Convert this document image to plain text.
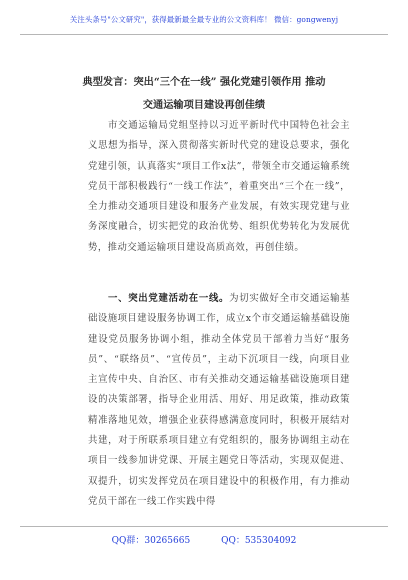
关注头条号"公文研究"，获得最新最全最专业的公文资料库！ 微信：gongwenyj
典型发言：突出“三个在一线” 强化党建引领作用 推动
交通运输项目建设再创佳绩
市交通运输局党组坚持以习近平新时代中国特色社会主义思想为指导，深入贯彻落实新时代党的建设总要求，强化党建引领，认真落实“项目工作x法”，带领全市交通运输系统党员干部积极践行“一线工作法”，着重突出“三个在一线”，全力推动交通项目建设和服务产业发展，有效实现党建与业务深度融合，切实把党的政治优势、组织优势转化为发展优势，推动交通运输项目建设高质高效，再创佳绩。
一、突出党建活动在一线。为切实做好全市交通运输基础设施项目建设服务协调工作，成立x个市交通运输基础设施建设党员服务协调小组，推动全体党员干部着力当好“服务员”、“联络员”、“宣传员”，主动下沉项目一线，向项目业主宣传中央、自治区、市有关推动交通运输基础设施项目建设的决策部署，指导企业用活、用好、用足政策，推动政策精准落地见效，增强企业获得感满意度同时，积极开展结对共建，对于所联系项目建立有党组织的，服务协调组主动在项目一线参加讲党课、开展主题党日等活动，实现双促进、双提升，切实发挥党员在项目建设中的积极作用，有力推动党员干部在一线工作实践中得
QQ群：30265665	QQ：535304092
